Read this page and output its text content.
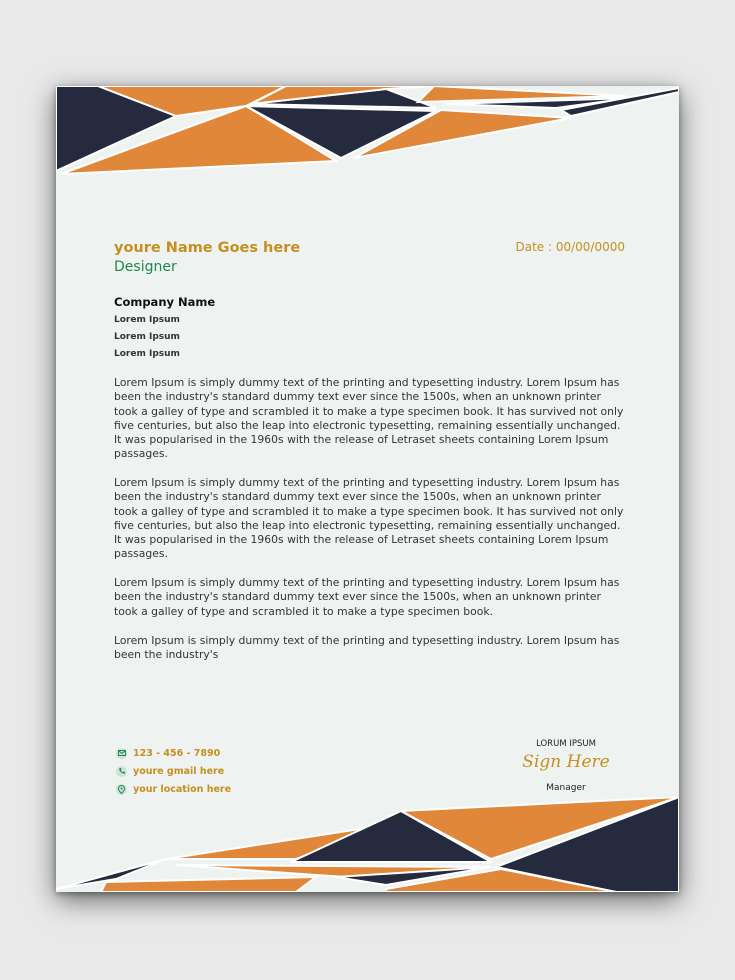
youre Name Goes here
Designer
Date : 00/00/0000
Company Name
Lorem Ipsum
Lorem Ipsum
Lorem Ipsum

Lorem Ipsum is simply dummy text of the printing and typesetting industry. Lorem Ipsum has been the industry's standard dummy text ever since the 1500s, when an unknown printer took a galley of type and scrambled it to make a type specimen book. It has survived not only five centuries, but also the leap into electronic typesetting, remaining essentially unchanged. It was popularised in the 1960s with the release of Letraset sheets containing Lorem Ipsum passages.

Lorem Ipsum is simply dummy text of the printing and typesetting industry. Lorem Ipsum has been the industry's standard dummy text ever since the 1500s, when an unknown printer took a galley of type and scrambled it to make a type specimen book. It has survived not only five centuries, but also the leap into electronic typesetting, remaining essentially unchanged. It was popularised in the 1960s with the release of Letraset sheets containing Lorem Ipsum passages.

Lorem Ipsum is simply dummy text of the printing and typesetting industry. Lorem Ipsum has been the industry's standard dummy text ever since the 1500s, when an unknown printer took a galley of type and scrambled it to make a type specimen book.

Lorem Ipsum is simply dummy text of the printing and typesetting industry. Lorem Ipsum has been the industry's

123 - 456 - 7890
youre gmail here
your location here
LORUM IPSUM
Sign Here
Manager
